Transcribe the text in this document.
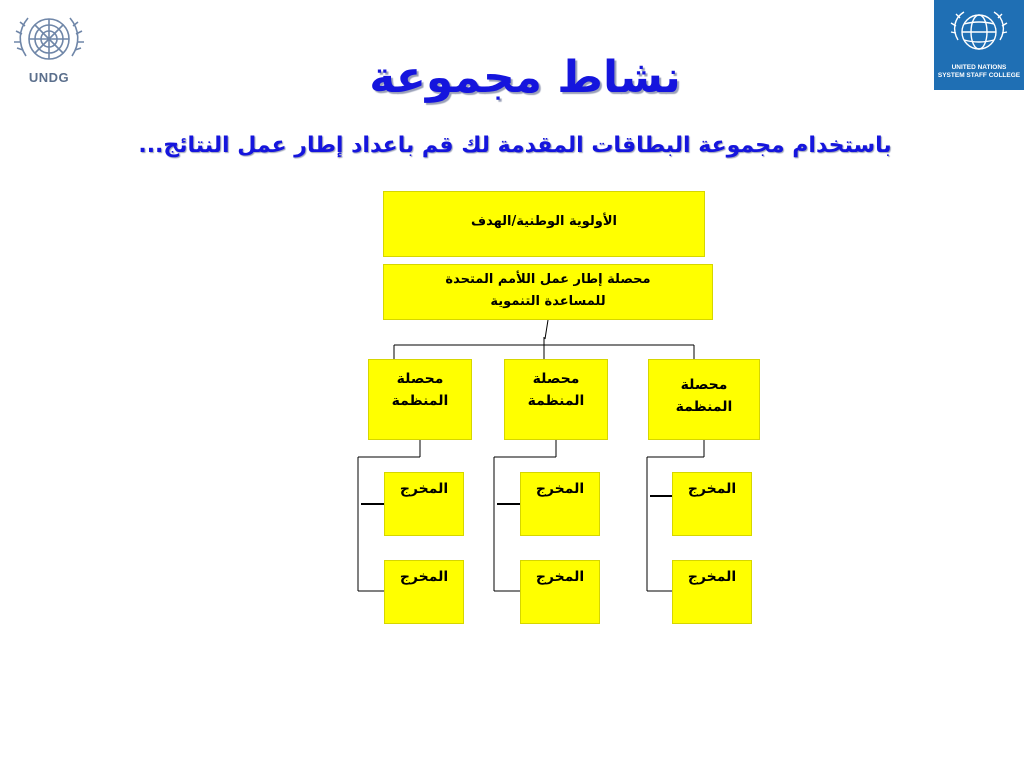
UNDG
UNITED NATIONS
SYSTEM STAFF COLLEGE
نشاط مجموعة
باستخدام مجموعة البطاقات المقدمة لك قم باعداد إطار عمل النتائج...
الأولوية الوطنية/الهدف
محصلة إطار عمل اللأمم المتحدة
للمساعدة التنموية
محصلة
المنظمة
محصلة
المنظمة
محصلة
المنظمة
المخرج
المخرج
المخرج
المخرج
المخرج
المخرج
